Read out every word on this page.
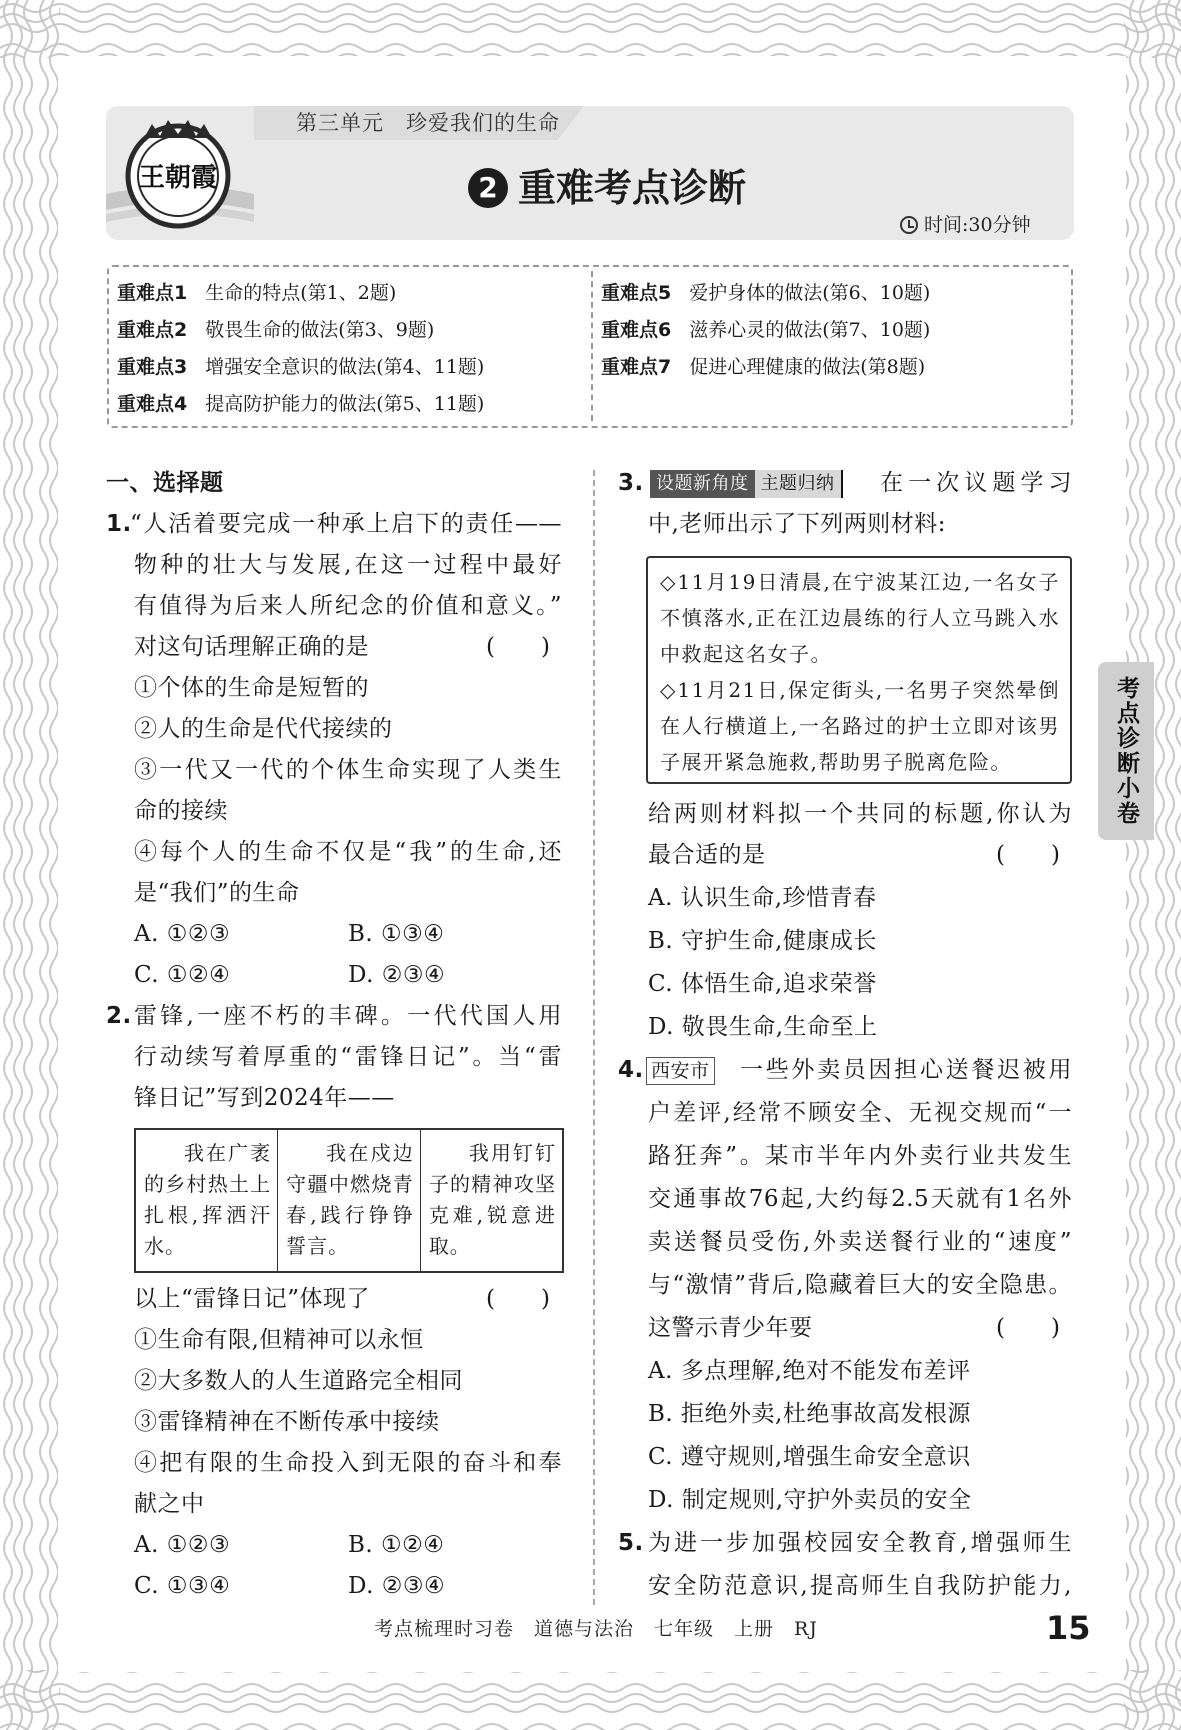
第三单元　珍爱我们的生命
王朝霞	2 重难考点诊断
时间:30分钟
重难点1 生命的特点(第1、2题)
重难点2 敬畏生命的做法(第3、9题)
重难点3 增强安全意识的做法(第4、11题)
重难点4 提高防护能力的做法(第5、11题)
重难点5 爱护身体的做法(第6、10题)
重难点6 滋养心灵的做法(第7、10题)
重难点7 促进心理健康的做法(第8题)
一、选择题
1.
“人活着要完成一种承上启下的责任——
物种的壮大与发展,在这一过程中最好
有值得为后来人所纪念的价值和意义。”
对这句话理解正确的是	(　　)
①个体的生命是短暂的
②人的生命是代代接续的
③一代又一代的个体生命实现了人类生
命的接续
④每个人的生命不仅是“我”的生命,还
是“我们”的生命
A. ①②③	B. ①③④
C. ①②④	D. ②③④
2. 雷锋,一座不朽的丰碑。一代代国人用
行动续写着厚重的“雷锋日记”。当“雷
锋日记”写到2024年——
我在广袤的乡村热土上扎根,挥洒汗水。	我在戍边守疆中燃烧青春,践行铮铮誓言。	我用钉钉子的精神攻坚克难,锐意进取。
以上“雷锋日记”体现了	(　　)
①生命有限,但精神可以永恒
②大多数人的人生道路完全相同
③雷锋精神在不断传承中接续
④把有限的生命投入到无限的奋斗和奉
献之中
A. ①②③	B. ①②④
C. ①③④	D. ②③④
3. 设题新角度 主题归纳	在一次议题学习
中,老师出示了下列两则材料:

◇11月19日清晨,在宁波某江边,一名女子不慎落水,正在江边晨练的行人立马跳入水中救起这名女子。

◇11月21日,保定街头,一名男子突然晕倒在人行横道上,一名路过的护士立即对该男子展开紧急施救,帮助男子脱离危险。

给两则材料拟一个共同的标题,你认为
最合适的是	(　　)
A. 认识生命,珍惜青春
B. 守护生命,健康成长
C. 体悟生命,追求荣誉
D. 敬畏生命,生命至上
4. 西安市 一些外卖员因担心送餐迟被用
户差评,经常不顾安全、无视交规而“一
路狂奔”。某市半年内外卖行业共发生
交通事故76起,大约每2.5天就有1名外
卖送餐员受伤,外卖送餐行业的“速度”
与“激情”背后,隐藏着巨大的安全隐患。
这警示青少年要	(　　)
A. 多点理解,绝对不能发布差评
B. 拒绝外卖,杜绝事故高发根源
C. 遵守规则,增强生命安全意识
D. 制定规则,守护外卖员的安全
5. 为进一步加强校园安全教育,增强师生
安全防范意识,提高师生自我防护能力,
考点诊断小卷
考点梳理时习卷　道德与法治　七年级　上册　RJ	15
